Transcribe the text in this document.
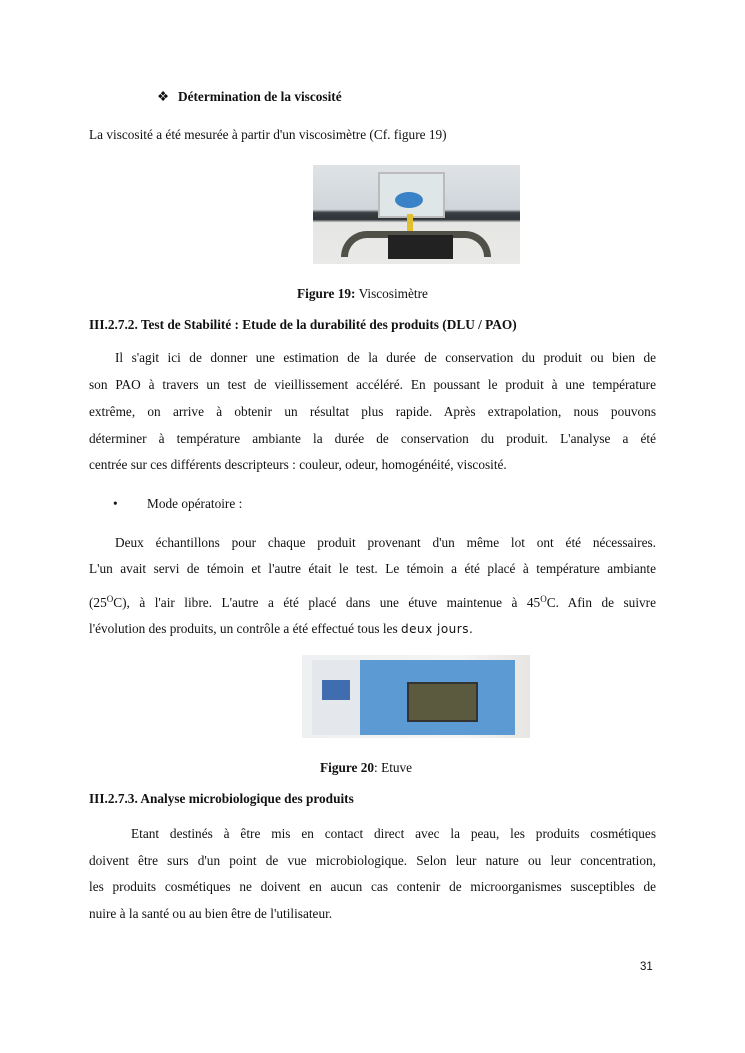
❖ Détermination de la viscosité
La viscosité a été mesurée à partir d'un viscosimètre (Cf. figure 19)
Figure 19: Viscosimètre
III.2.7.2. Test de Stabilité : Etude de la durabilité des produits (DLU / PAO)
Il s'agit ici de donner une estimation de la durée de conservation du produit ou bien de
son PAO à travers un test de vieillissement accéléré. En poussant le produit à une température
extrême, on arrive à obtenir un résultat plus rapide. Après extrapolation, nous pouvons
déterminer à température ambiante la durée de conservation du produit. L'analyse a été
centrée sur ces différents descripteurs : couleur, odeur, homogénéité, viscosité.
• Mode opératoire :
Deux échantillons pour chaque produit provenant d'un même lot ont été nécessaires.
L'un avait servi de témoin et l'autre était le test. Le témoin a été placé à température ambiante
$(25^OC)$, à l'air libre. L'autre a été placé dans une étuve maintenue à $45^OC$. Afin de suivre
l'évolution des produits, un contrôle a été effectué tous les deux jours.
Figure 20: Etuve
III.2.7.3. Analyse microbiologique des produits
Etant destinés à être mis en contact direct avec la peau, les produits cosmétiques
doivent être surs d'un point de vue microbiologique. Selon leur nature ou leur concentration,
les produits cosmétiques ne doivent en aucun cas contenir de microorganismes susceptibles de
nuire à la santé ou au bien être de l'utilisateur.
31
